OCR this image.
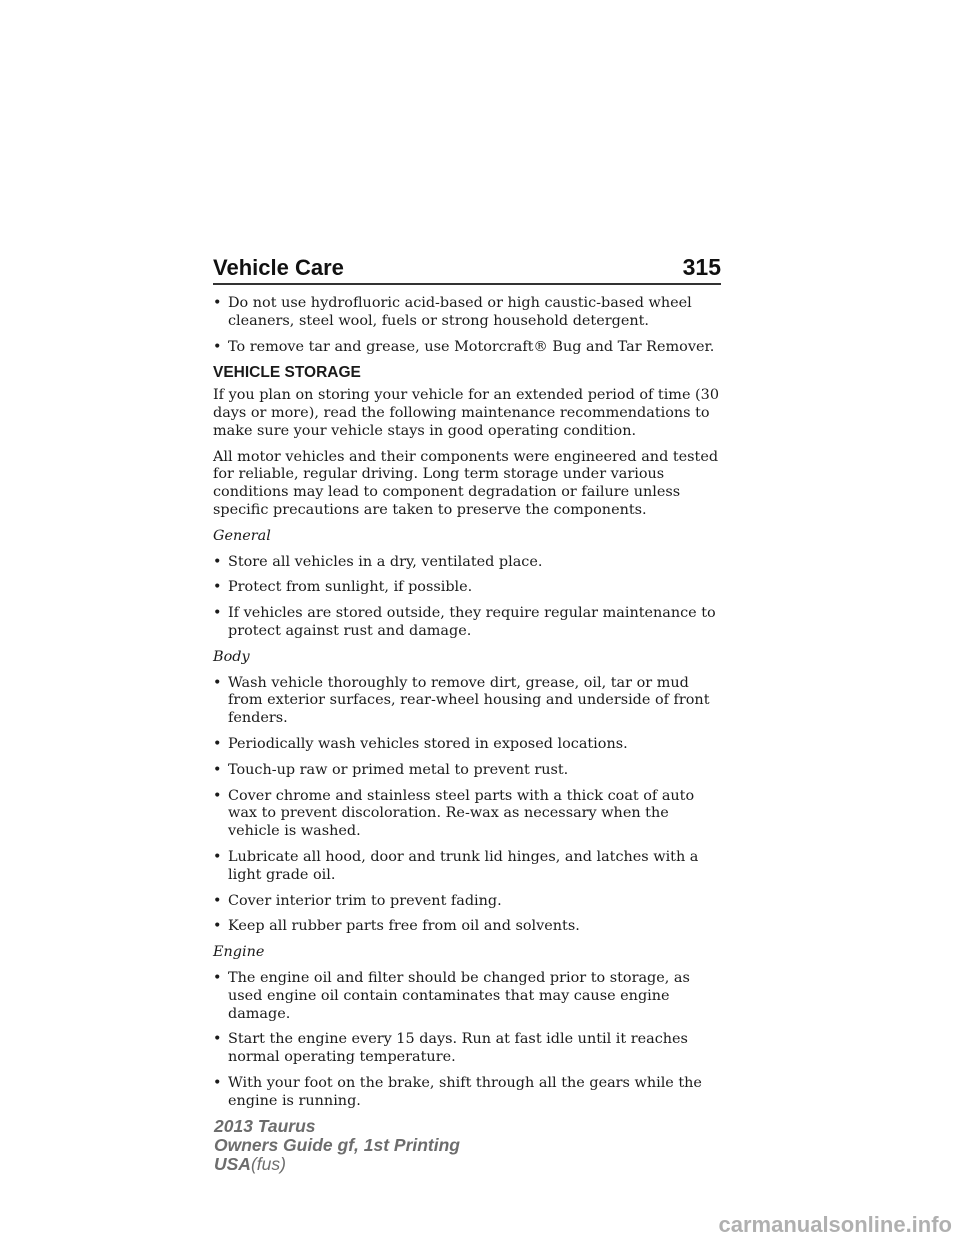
Vehicle Care	315
• Do not use hydrofluoric acid-based or high caustic-based wheel cleaners, steel wool, fuels or strong household detergent.
• To remove tar and grease, use Motorcraft® Bug and Tar Remover.
VEHICLE STORAGE

If you plan on storing your vehicle for an extended period of time (30 days or more), read the following maintenance recommendations to make sure your vehicle stays in good operating condition.

All motor vehicles and their components were engineered and tested for reliable, regular driving. Long term storage under various conditions may lead to component degradation or failure unless specific precautions are taken to preserve the components.

General
• Store all vehicles in a dry, ventilated place.
• Protect from sunlight, if possible.
• If vehicles are stored outside, they require regular maintenance to protect against rust and damage.
Body
• Wash vehicle thoroughly to remove dirt, grease, oil, tar or mud from exterior surfaces, rear-wheel housing and underside of front fenders.
• Periodically wash vehicles stored in exposed locations.
• Touch-up raw or primed metal to prevent rust.
• Cover chrome and stainless steel parts with a thick coat of auto wax to prevent discoloration. Re-wax as necessary when the vehicle is washed.
• Lubricate all hood, door and trunk lid hinges, and latches with a light grade oil.
• Cover interior trim to prevent fading.
• Keep all rubber parts free from oil and solvents.
Engine
• The engine oil and filter should be changed prior to storage, as used engine oil contain contaminates that may cause engine damage.
• Start the engine every 15 days. Run at fast idle until it reaches normal operating temperature.
• With your foot on the brake, shift through all the gears while the engine is running.
2013 Taurus
Owners Guide gf, 1st Printing
USA(fus)
carmanualsonline.info
